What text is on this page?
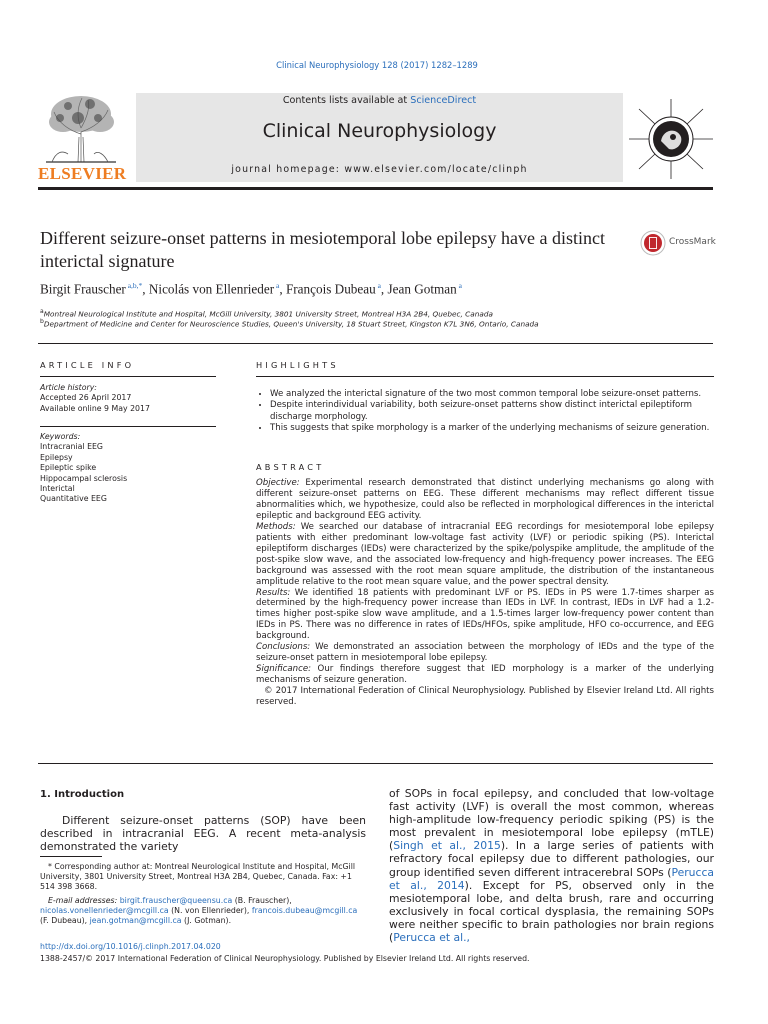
Clinical Neurophysiology 128 (2017) 1282–1289
ELSEVIER
Contents lists available at ScienceDirect
Clinical Neurophysiology
journal homepage: www.elsevier.com/locate/clinph
Different seizure-onset patterns in mesiotemporal lobe epilepsy have a distinct interictal signature
CrossMark
Birgit Frauscher $^{a,b,*}$, Nicolás von Ellenrieder $^a$, François Dubeau $^a$, Jean Gotman $^a$
$^a$Montreal Neurological Institute and Hospital, McGill University, 3801 University Street, Montreal H3A 2B4, Quebec, Canada
$^b$Department of Medicine and Center for Neuroscience Studies, Queen's University, 18 Stuart Street, Kingston K7L 3N6, Ontario, Canada
ARTICLE INFO
Article history:
Accepted 26 April 2017
Available online 9 May 2017
Keywords:
Intracranial EEG
Epilepsy
Epileptic spike
Hippocampal sclerosis
Interictal
Quantitative EEG
HIGHLIGHTS
• We analyzed the interictal signature of the two most common temporal lobe seizure-onset patterns.
• Despite interindividual variability, both seizure-onset patterns show distinct interictal epileptiform discharge morphology.
• This suggests that spike morphology is a marker of the underlying mechanisms of seizure generation.
ABSTRACT

Objective: Experimental research demonstrated that distinct underlying mechanisms go along with different seizure-onset patterns on EEG. These different mechanisms may reflect different tissue abnormalities which, we hypothesize, could also be reflected in morphological differences in the interictal epileptic and background EEG activity.

Methods: We searched our database of intracranial EEG recordings for mesiotemporal lobe epilepsy patients with either predominant low-voltage fast activity (LVF) or periodic spiking (PS). Interictal epileptiform discharges (IEDs) were characterized by the spike/polyspike amplitude, the amplitude of the post-spike slow wave, and the associated low-frequency and high-frequency power increases. The EEG background was assessed with the root mean square amplitude, the distribution of the instantaneous amplitude relative to the root mean square value, and the power spectral density.

Results: We identified 18 patients with predominant LVF or PS. IEDs in PS were 1.7-times sharper as determined by the high-frequency power increase than IEDs in LVF. In contrast, IEDs in LVF had a 1.2-times higher post-spike slow wave amplitude, and a 1.5-times larger low-frequency power content than IEDs in PS. There was no difference in rates of IEDs/HFOs, spike amplitude, HFO co-occurrence, and EEG background.

Conclusions: We demonstrated an association between the morphology of IEDs and the type of the seizure-onset pattern in mesiotemporal lobe epilepsy.

Significance: Our findings therefore suggest that IED morphology is a marker of the underlying mechanisms of seizure generation.

© 2017 International Federation of Clinical Neurophysiology. Published by Elsevier Ireland Ltd. All rights reserved.

1. Introduction

Different seizure-onset patterns (SOP) have been described in intracranial EEG. A recent meta-analysis demonstrated the variety

of SOPs in focal epilepsy, and concluded that low-voltage fast activity (LVF) is overall the most common, whereas high-amplitude low-frequency periodic spiking (PS) is the most prevalent in mesiotemporal lobe epilepsy (mTLE) (Singh et al., 2015). In a large series of patients with refractory focal epilepsy due to different pathologies, our group identified seven different intracerebral SOPs (Perucca et al., 2014). Except for PS, observed only in the mesiotemporal lobe, and delta brush, rare and occurring exclusively in focal cortical dysplasia, the remaining SOPs were neither specific to brain pathologies nor brain regions (Perucca et al.,

* Corresponding author at: Montreal Neurological Institute and Hospital, McGill University, 3801 University Street, Montreal H3A 2B4, Quebec, Canada. Fax: +1 514 398 3668.

E-mail addresses: birgit.frauscher@queensu.ca (B. Frauscher), nicolas.vonellenrieder@mcgill.ca (N. von Ellenrieder), francois.dubeau@mcgill.ca (F. Dubeau), jean.gotman@mcgill.ca (J. Gotman).

http://dx.doi.org/10.1016/j.clinph.2017.04.020
1388-2457/© 2017 International Federation of Clinical Neurophysiology. Published by Elsevier Ireland Ltd. All rights reserved.
